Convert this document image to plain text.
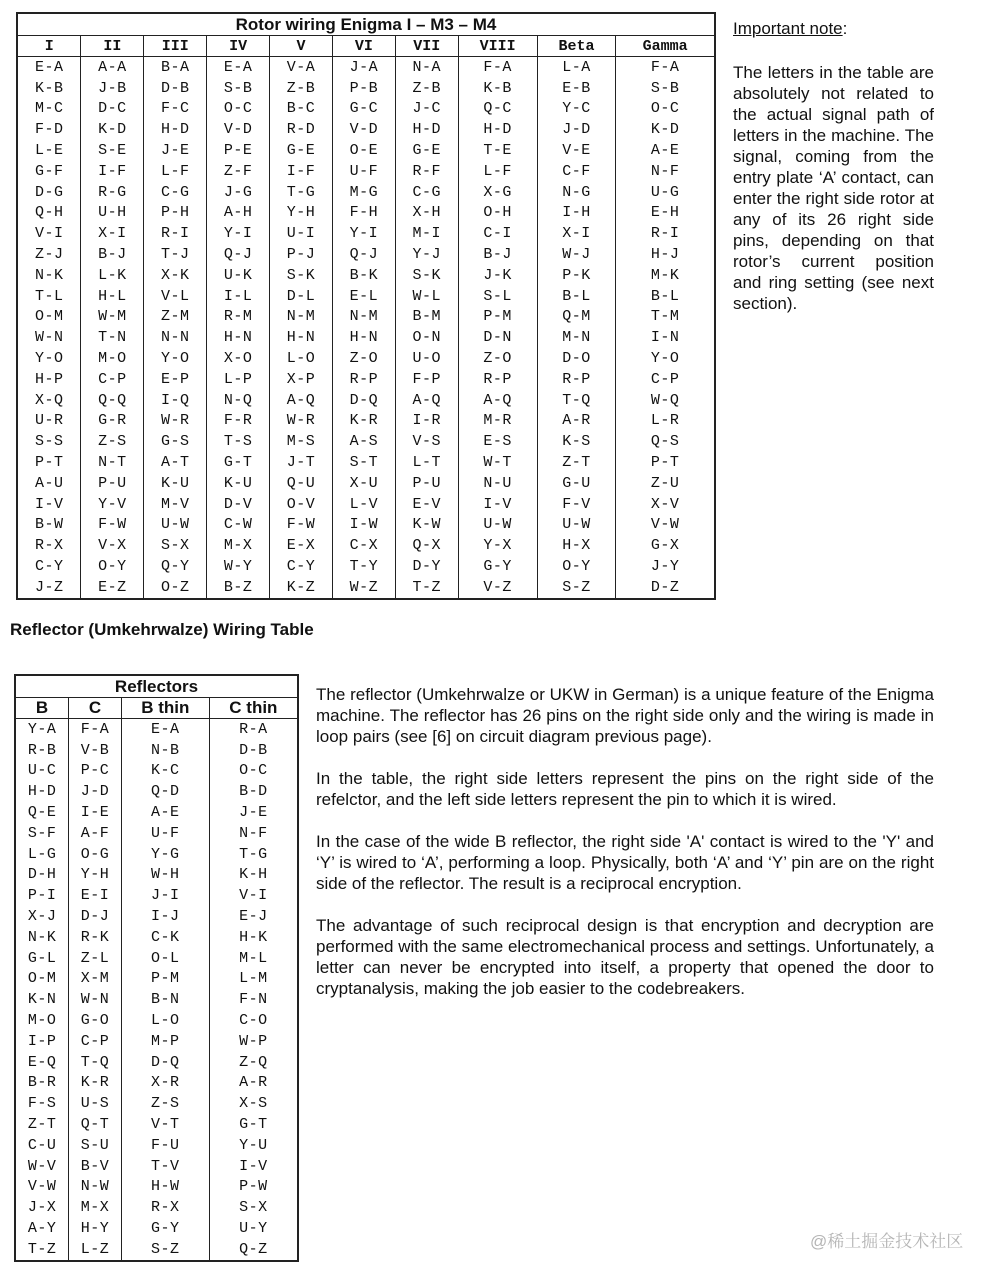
Rotor wiring Enigma I – M3 – M4									
I	II	III	IV	V	VI	VII	VIII	Beta	Gamma
E-A	A-A	B-A	E-A	V-A	J-A	N-A	F-A	L-A	F-A
K-B	J-B	D-B	S-B	Z-B	P-B	Z-B	K-B	E-B	S-B
M-C	D-C	F-C	O-C	B-C	G-C	J-C	Q-C	Y-C	O-C
F-D	K-D	H-D	V-D	R-D	V-D	H-D	H-D	J-D	K-D
L-E	S-E	J-E	P-E	G-E	O-E	G-E	T-E	V-E	A-E
G-F	I-F	L-F	Z-F	I-F	U-F	R-F	L-F	C-F	N-F
D-G	R-G	C-G	J-G	T-G	M-G	C-G	X-G	N-G	U-G
Q-H	U-H	P-H	A-H	Y-H	F-H	X-H	O-H	I-H	E-H
V-I	X-I	R-I	Y-I	U-I	Y-I	M-I	C-I	X-I	R-I
Z-J	B-J	T-J	Q-J	P-J	Q-J	Y-J	B-J	W-J	H-J
N-K	L-K	X-K	U-K	S-K	B-K	S-K	J-K	P-K	M-K
T-L	H-L	V-L	I-L	D-L	E-L	W-L	S-L	B-L	B-L
O-M	W-M	Z-M	R-M	N-M	N-M	B-M	P-M	Q-M	T-M
W-N	T-N	N-N	H-N	H-N	H-N	O-N	D-N	M-N	I-N
Y-O	M-O	Y-O	X-O	L-O	Z-O	U-O	Z-O	D-O	Y-O
H-P	C-P	E-P	L-P	X-P	R-P	F-P	R-P	R-P	C-P
X-Q	Q-Q	I-Q	N-Q	A-Q	D-Q	A-Q	A-Q	T-Q	W-Q
U-R	G-R	W-R	F-R	W-R	K-R	I-R	M-R	A-R	L-R
S-S	Z-S	G-S	T-S	M-S	A-S	V-S	E-S	K-S	Q-S
P-T	N-T	A-T	G-T	J-T	S-T	L-T	W-T	Z-T	P-T
A-U	P-U	K-U	K-U	Q-U	X-U	P-U	N-U	G-U	Z-U
I-V	Y-V	M-V	D-V	O-V	L-V	E-V	I-V	F-V	X-V
B-W	F-W	U-W	C-W	F-W	I-W	K-W	U-W	U-W	V-W
R-X	V-X	S-X	M-X	E-X	C-X	Q-X	Y-X	H-X	G-X
C-Y	O-Y	Q-Y	W-Y	C-Y	T-Y	D-Y	G-Y	O-Y	J-Y
J-Z	E-Z	O-Z	B-Z	K-Z	W-Z	T-Z	V-Z	S-Z	D-Z
Important note:
The letters in the table are absolutely not related to the actual signal path of letters in the machine. The signal, coming from the entry plate ‘A’ contact, can enter the right side rotor at any of its 26 right side pins, depending on that rotor’s current position and ring setting (see next section).
Reflector (Umkehrwalze) Wiring Table
Reflectors			
B	C	B thin	C thin
Y-A	F-A	E-A	R-A
R-B	V-B	N-B	D-B
U-C	P-C	K-C	O-C
H-D	J-D	Q-D	B-D
Q-E	I-E	A-E	J-E
S-F	A-F	U-F	N-F
L-G	O-G	Y-G	T-G
D-H	Y-H	W-H	K-H
P-I	E-I	J-I	V-I
X-J	D-J	I-J	E-J
N-K	R-K	C-K	H-K
G-L	Z-L	O-L	M-L
O-M	X-M	P-M	L-M
K-N	W-N	B-N	F-N
M-O	G-O	L-O	C-O
I-P	C-P	M-P	W-P
E-Q	T-Q	D-Q	Z-Q
B-R	K-R	X-R	A-R
F-S	U-S	Z-S	X-S
Z-T	Q-T	V-T	G-T
C-U	S-U	F-U	Y-U
W-V	B-V	T-V	I-V
V-W	N-W	H-W	P-W
J-X	M-X	R-X	S-X
A-Y	H-Y	G-Y	U-Y
T-Z	L-Z	S-Z	Q-Z

The reflector (Umkehrwalze or UKW in German) is a unique feature of the Enigma machine. The reflector has 26 pins on the right side only and the wiring is made in loop pairs (see [6] on circuit diagram previous page).

In the table, the right side letters represent the pins on the right side of the refelctor, and the left side letters represent the pin to which it is wired.

In the case of the wide B reflector, the right side 'A' contact is wired to the 'Y' and ‘Y’ is wired to ‘A’, performing a loop. Physically, both ‘A’ and ‘Y’ pin are on the right side of the reflector. The result is a reciprocal encryption.

The advantage of such reciprocal design is that encryption and decryption are performed with the same electromechanical process and settings. Unfortunately, a letter can never be encrypted into itself, a property that opened the door to cryptanalysis, making the job easier to the codebreakers.

@稀土掘金技术社区
